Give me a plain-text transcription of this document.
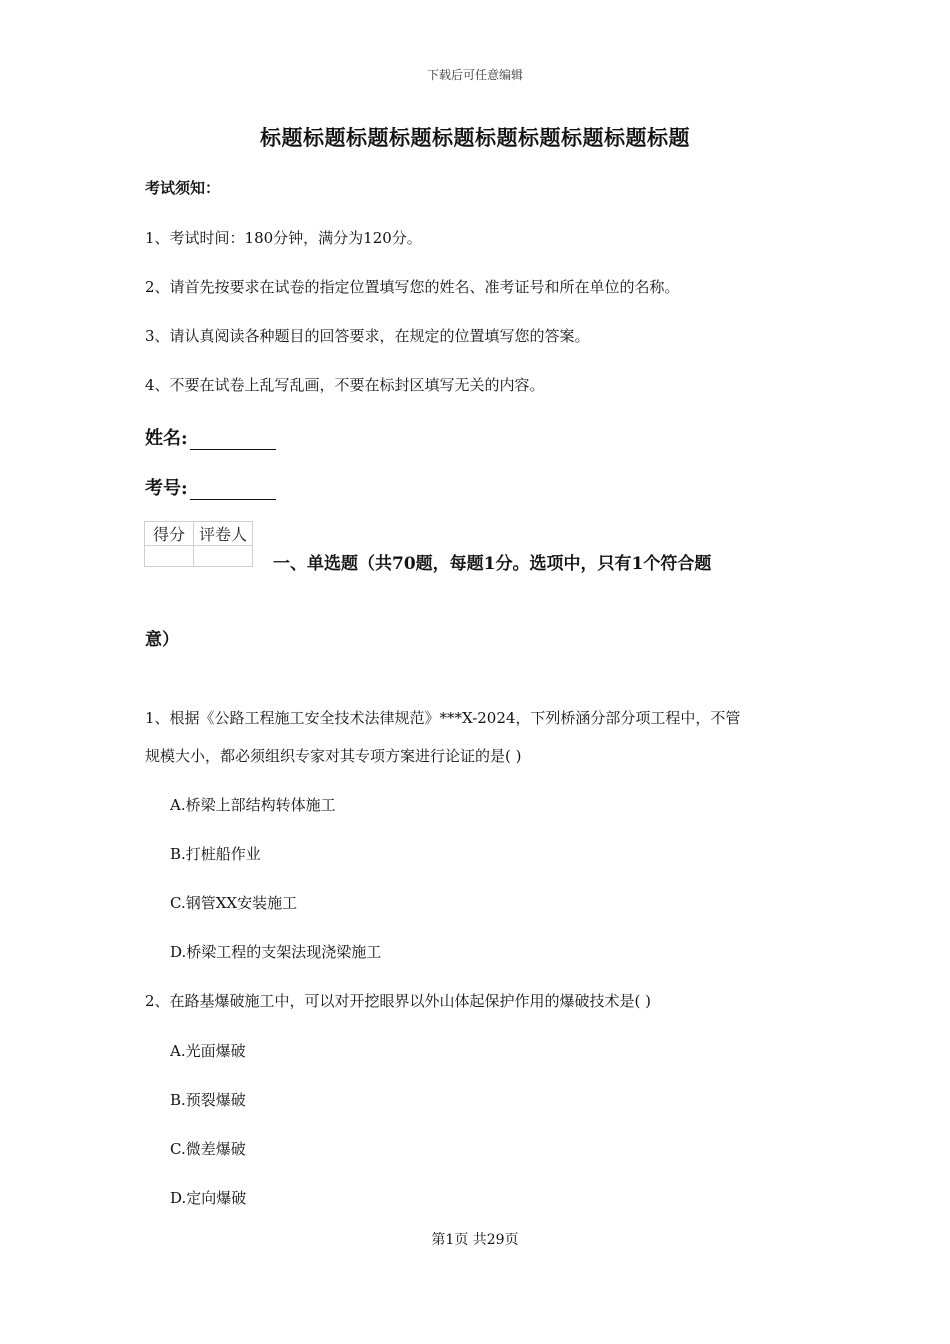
下载后可任意编辑
标题标题标题标题标题标题标题标题标题标题
考试须知：
1、考试时间：180分钟，满分为120分。
2、请首先按要求在试卷的指定位置填写您的姓名、准考证号和所在单位的名称。
3、请认真阅读各种题目的回答要求，在规定的位置填写您的答案。
4、不要在试卷上乱写乱画，不要在标封区填写无关的内容。
姓名:
考号:
得分	评卷人

一、单选题（共70题，每题1分。选项中，只有1个符合题
意）
1、根据《公路工程施工安全技术法律规范》***X-2024，下列桥涵分部分项工程中，不管
规模大小，都必须组织专家对其专项方案进行论证的是( )
A.桥梁上部结构转体施工
B.打桩船作业
C.钢管XX安装施工
D.桥梁工程的支架法现浇梁施工
2、在路基爆破施工中，可以对开挖眼界以外山体起保护作用的爆破技术是( )
A.光面爆破
B.预裂爆破
C.微差爆破
D.定向爆破
第1页 共29页
